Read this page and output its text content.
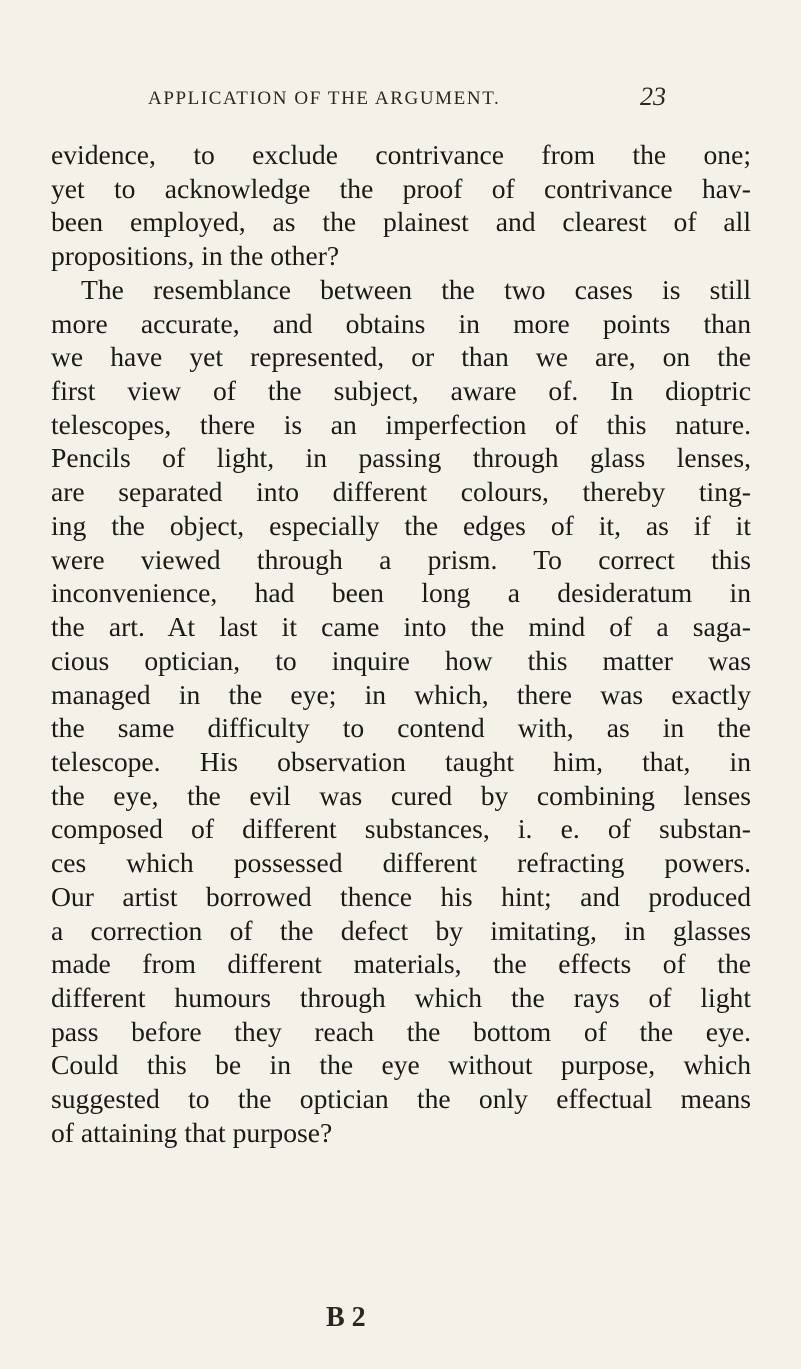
APPLICATION OF THE ARGUMENT.	23

evidence, to exclude contrivance from the one;

yet to acknowledge the proof of contrivance hav-

been employed, as the plainest and clearest of all

propositions, in the other?

The resemblance between the two cases is still

more accurate, and obtains in more points than

we have yet represented, or than we are, on the

first view of the subject, aware of. In dioptric

telescopes, there is an imperfection of this nature.

Pencils of light, in passing through glass lenses,

are separated into different colours, thereby ting-

ing the object, especially the edges of it, as if it

were viewed through a prism. To correct this

inconvenience, had been long a desideratum in

the art. At last it came into the mind of a saga-

cious optician, to inquire how this matter was

managed in the eye; in which, there was exactly

the same difficulty to contend with, as in the

telescope. His observation taught him, that, in

the eye, the evil was cured by combining lenses

composed of different substances, i. e. of substan-

ces which possessed different refracting powers.

Our artist borrowed thence his hint; and produced

a correction of the defect by imitating, in glasses

made from different materials, the effects of the

different humours through which the rays of light

pass before they reach the bottom of the eye.

Could this be in the eye without purpose, which

suggested to the optician the only effectual means

of attaining that purpose?

B 2
